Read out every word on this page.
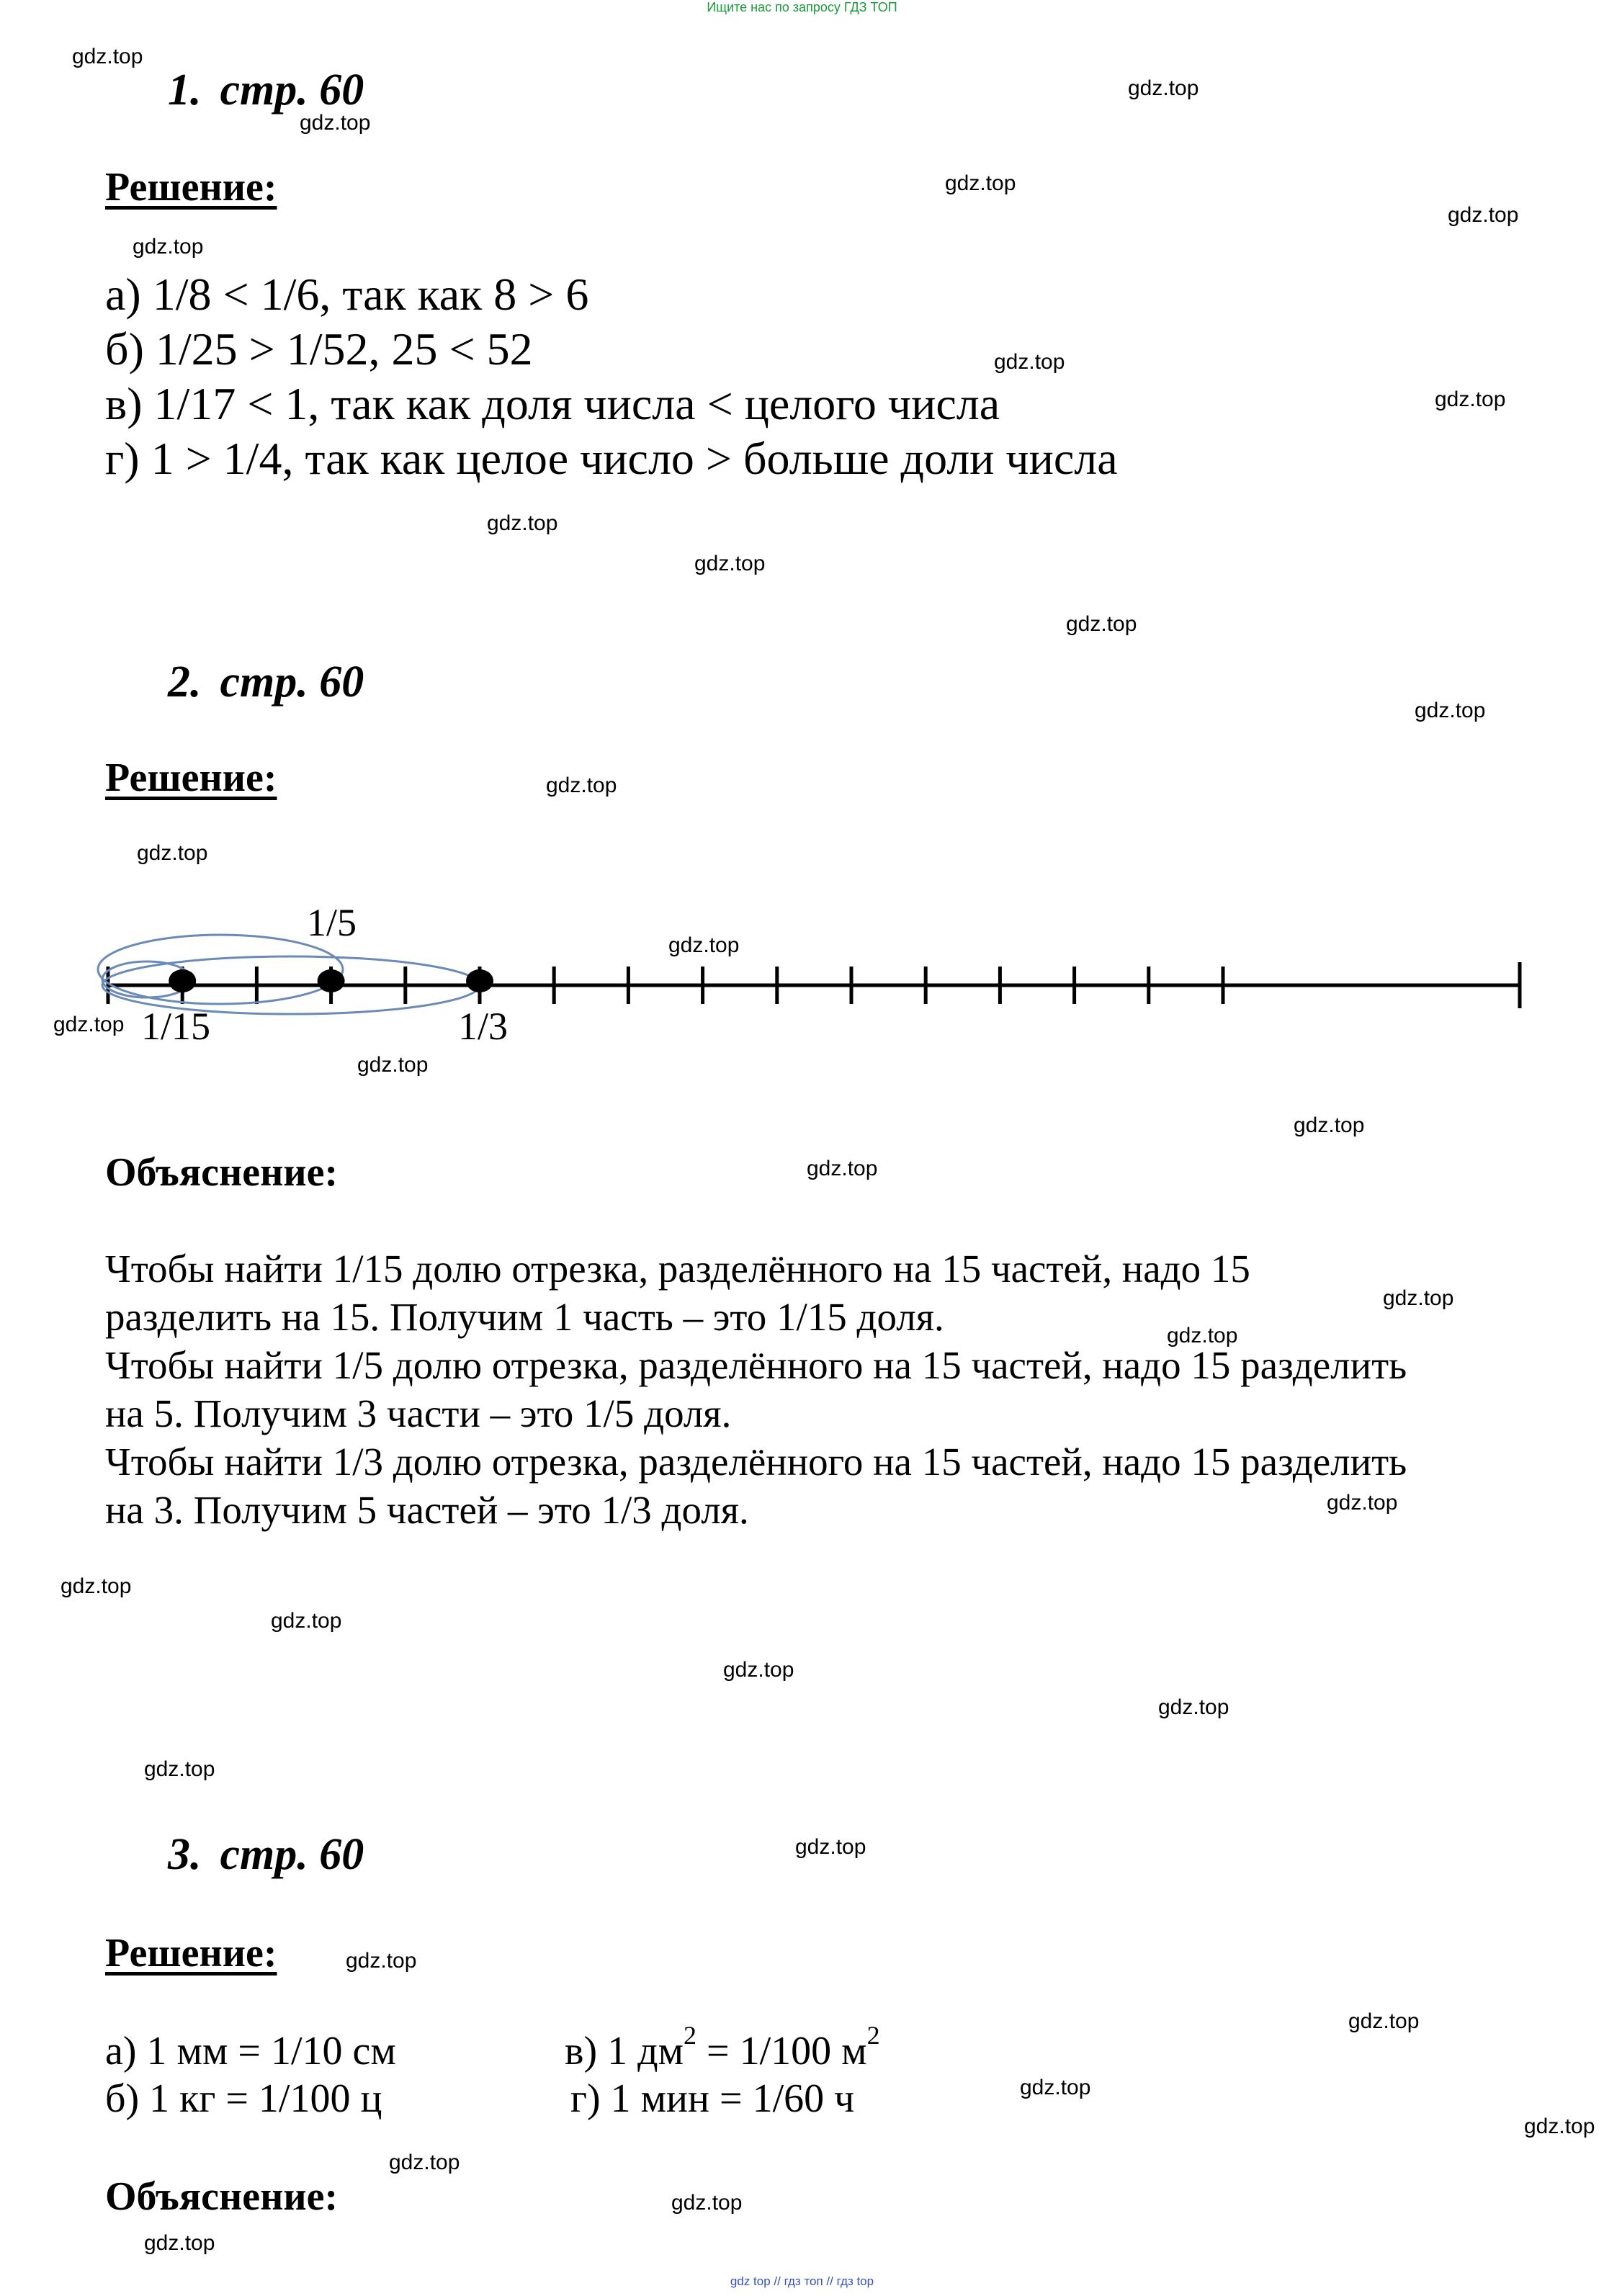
Ищите нас по запросу ГДЗ ТОП
1. стр. 60
Решение:
а) 1/8 < 1/6, так как 8 > 6
б) 1/25 > 1/52, 25 < 52
в) 1/17 < 1, так как доля числа < целого числа
г) 1 > 1/4, так как целое число > больше доли числа
2. стр. 60
Решение:
1/5
1/15	1/3
Объяснение:
Чтобы найти 1/15 долю отрезка, разделённого на 15 частей, надо 15
разделить на 15. Получим 1 часть – это 1/15 доля.
Чтобы найти 1/5 долю отрезка, разделённого на 15 частей, надо 15 разделить
на 5. Получим 3 части – это 1/5 доля.
Чтобы найти 1/3 долю отрезка, разделённого на 15 частей, надо 15 разделить
на 3. Получим 5 частей – это 1/3 доля.
3. стр. 60
Решение:
а) 1 мм = 1/10 см
б) 1 кг = 1/100 ц
в) 1 $дм^2 = 1/100$ $м^2$
г) 1 мин = 1/60 ч
Объяснение:
gdz.top
gdz.top
gdz.top
gdz.top
gdz.top
gdz.top
gdz.top
gdz.top
gdz.top
gdz.top
gdz.top
gdz.top
gdz.top
gdz.top
gdz.top
gdz.top
gdz.top
gdz.top
gdz.top
gdz.top
gdz.top
gdz.top
gdz.top
gdz.top
gdz.top
gdz.top
gdz.top
gdz.top
gdz.top
gdz.top
gdz.top
gdz.top
gdz.top
gdz.top
gdz.top
gdz top // гдз топ // гдз top
